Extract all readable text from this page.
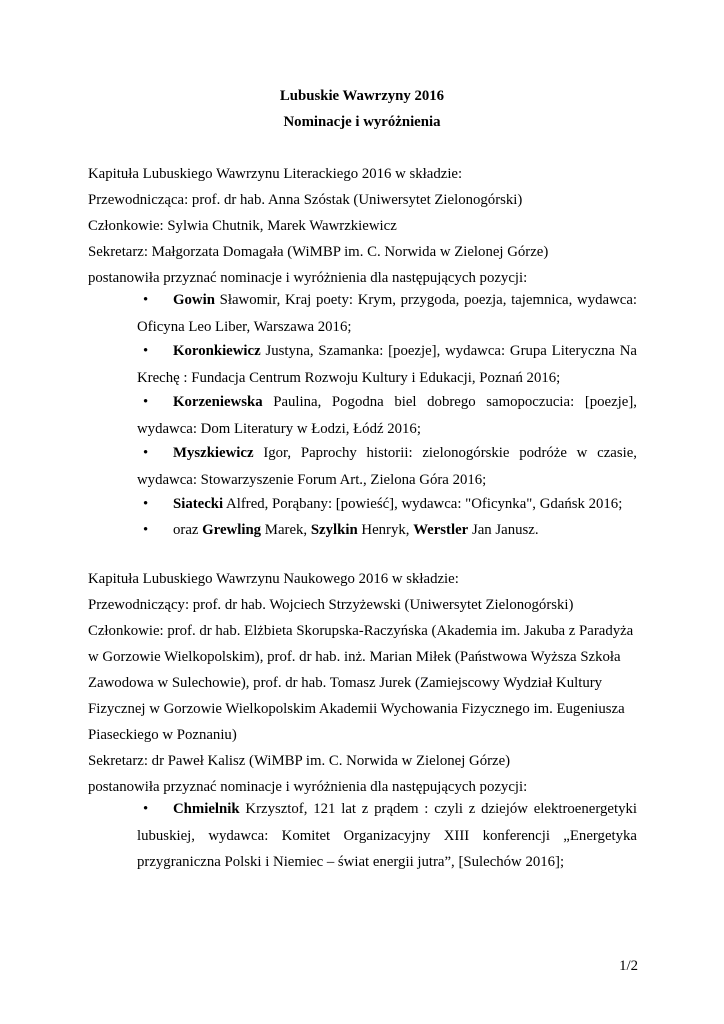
Lubuskie Wawrzyny 2016
Nominacje i wyróżnienia
Kapituła Lubuskiego Wawrzynu Literackiego 2016 w składzie:
Przewodnicząca: prof. dr hab. Anna Szóstak (Uniwersytet Zielonogórski)
Członkowie: Sylwia Chutnik, Marek Wawrzkiewicz
Sekretarz: Małgorzata Domagała (WiMBP im. C. Norwida w Zielonej Górze)
postanowiła przyznać nominacje i wyróżnienia dla następujących pozycji:
•	Gowin Sławomir, Kraj poety: Krym, przygoda, poezja, tajemnica, wydawca: Oficyna Leo Liber, Warszawa 2016;
•	Koronkiewicz Justyna, Szamanka: [poezje], wydawca: Grupa Literyczna Na Krechę : Fundacja Centrum Rozwoju Kultury i Edukacji, Poznań 2016;
•	Korzeniewska Paulina, Pogodna biel dobrego samopoczucia: [poezje], wydawca: Dom Literatury w Łodzi, Łódź 2016;
•	Myszkiewicz Igor, Paprochy historii: zielonogórskie podróże w czasie, wydawca: Stowarzyszenie Forum Art., Zielona Góra 2016;
•	Siatecki Alfred, Porąbany: [powieść], wydawca: "Oficynka", Gdańsk 2016;
•	oraz Grewling Marek, Szylkin Henryk, Werstler Jan Janusz.
Kapituła Lubuskiego Wawrzynu Naukowego 2016 w składzie:
Przewodniczący: prof. dr hab. Wojciech Strzyżewski (Uniwersytet Zielonogórski)
Członkowie: prof. dr hab. Elżbieta Skorupska-Raczyńska (Akademia im. Jakuba z Paradyża
w Gorzowie Wielkopolskim), prof. dr hab. inż. Marian Miłek (Państwowa Wyższa Szkoła
Zawodowa w Sulechowie), prof. dr hab. Tomasz Jurek (Zamiejscowy Wydział Kultury
Fizycznej w Gorzowie Wielkopolskim Akademii Wychowania Fizycznego im. Eugeniusza
Piaseckiego w Poznaniu)
Sekretarz: dr Paweł Kalisz (WiMBP im. C. Norwida w Zielonej Górze)
postanowiła przyznać nominacje i wyróżnienia dla następujących pozycji:
•	Chmielnik Krzysztof, 121 lat z prądem : czyli z dziejów elektroenergetyki lubuskiej, wydawca: Komitet Organizacyjny XIII konferencji „Energetyka przygraniczna Polski i Niemiec – świat energii jutra”, [Sulechów 2016];
1/2
